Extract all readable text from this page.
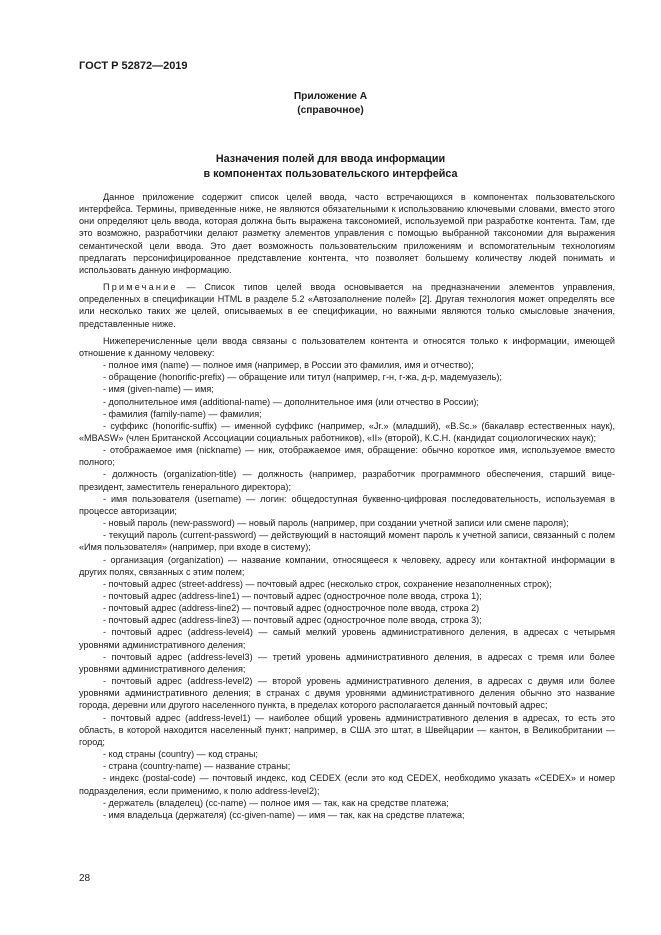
ГОСТ Р 52872—2019
Приложение А
(справочное)
Назначения полей для ввода информации
в компонентах пользовательского интерфейса

Данное приложение содержит список целей ввода, часто встречающихся в компонентах пользовательского интерфейса. Термины, приведенные ниже, не являются обязательными к использованию ключевыми словами, вместо этого они определяют цель ввода, которая должна быть выражена таксономией, используемой при разработке контента. Там, где это возможно, разработчики делают разметку элементов управления с помощью выбранной таксономии для выражения семантической цели ввода. Это дает возможность пользовательским приложениям и вспомогательным технологиям предлагать персонифицированное представление контента, что позволяет большему количеству людей понимать и использовать данную информацию.

Примечание — Список типов целей ввода основывается на предназначении элементов управления, определенных в спецификации HTML в разделе 5.2 «Автозаполнение полей» [2]. Другая технология может определять все или несколько таких же целей, описываемых в ее спецификации, но важными являются только смысловые значения, представленные ниже.

Нижеперечисленные цели ввода связаны с пользователем контента и относятся только к информации, имеющей отношение к данному человеку:

- полное имя (name) — полное имя (например, в России это фамилия, имя и отчество);

- обращение (honorific-prefix) — обращение или титул (например, г-н, г-жа, д-р, мадемуазель);

- имя (given-name) — имя;

- дополнительное имя (additional-name) — дополнительное имя (или отчество в России);

- фамилия (family-name) — фамилия;

- суффикс (honorific-suffix) — именной суффикс (например, «Jr.» (младший), «B.Sc.» (бакалавр естественных наук), «MBASW» (член Британской Ассоциации социальных работников), «II» (второй), К.С.Н. (кандидат социологических наук);

- отображаемое имя (nickname) — ник, отображаемое имя, обращение: обычно короткое имя, используемое вместо полного;

- должность (organization-title) — должность (например, разработчик программного обеспечения, старший вице-президент, заместитель генерального директора);

- имя пользователя (username) — логин: общедоступная буквенно-цифровая последовательность, используемая в процессе авторизации;

- новый пароль (new-password) — новый пароль (например, при создании учетной записи или смене пароля);

- текущий пароль (current-password) — действующий в настоящий момент пароль к учетной записи, связанный с полем «Имя пользователя» (например, при входе в систему);

- организация (organization) — название компании, относящееся к человеку, адресу или контактной информации в других полях, связанных с этим полем;

- почтовый адрес (street-address) — почтовый адрес (несколько строк, сохранение незаполненных строк);

- почтовый адрес (address-line1) — почтовый адрес (однострочное поле ввода, строка 1);

- почтовый адрес (address-line2) — почтовый адрес (однострочное поле ввода, строка 2)

- почтовый адрес (address-line3) — почтовый адрес (однострочное поле ввода, строка 3);

- почтовый адрес (address-level4) — самый мелкий уровень административного деления, в адресах с четырьмя уровнями административного деления;

- почтовый адрес (address-level3) — третий уровень административного деления, в адресах с тремя или более уровнями административного деления;

- почтовый адрес (address-level2) — второй уровень административного деления, в адресах с двумя или более уровнями административного деления; в странах с двумя уровнями административного деления обычно это название города, деревни или другого населенного пункта, в пределах которого располагается данный почтовый адрес;

- почтовый адрес (address-level1) — наиболее общий уровень административного деления в адресах, то есть это область, в которой находится населенный пункт; например, в США это штат, в Швейцарии — кантон, в Великобритании — город;

- код страны (country) — код страны;

- страна (country-name) — название страны;

- индекс (postal-code) — почтовый индекс, код CEDEX (если это код CEDEX, необходимо указать «CEDEX» и номер подразделения, если применимо, к полю address-level2);

- держатель (владелец) (cc-name) — полное имя — так, как на средстве платежа;

- имя владельца (держателя) (cc-given-name) — имя — так, как на средстве платежа;

28
